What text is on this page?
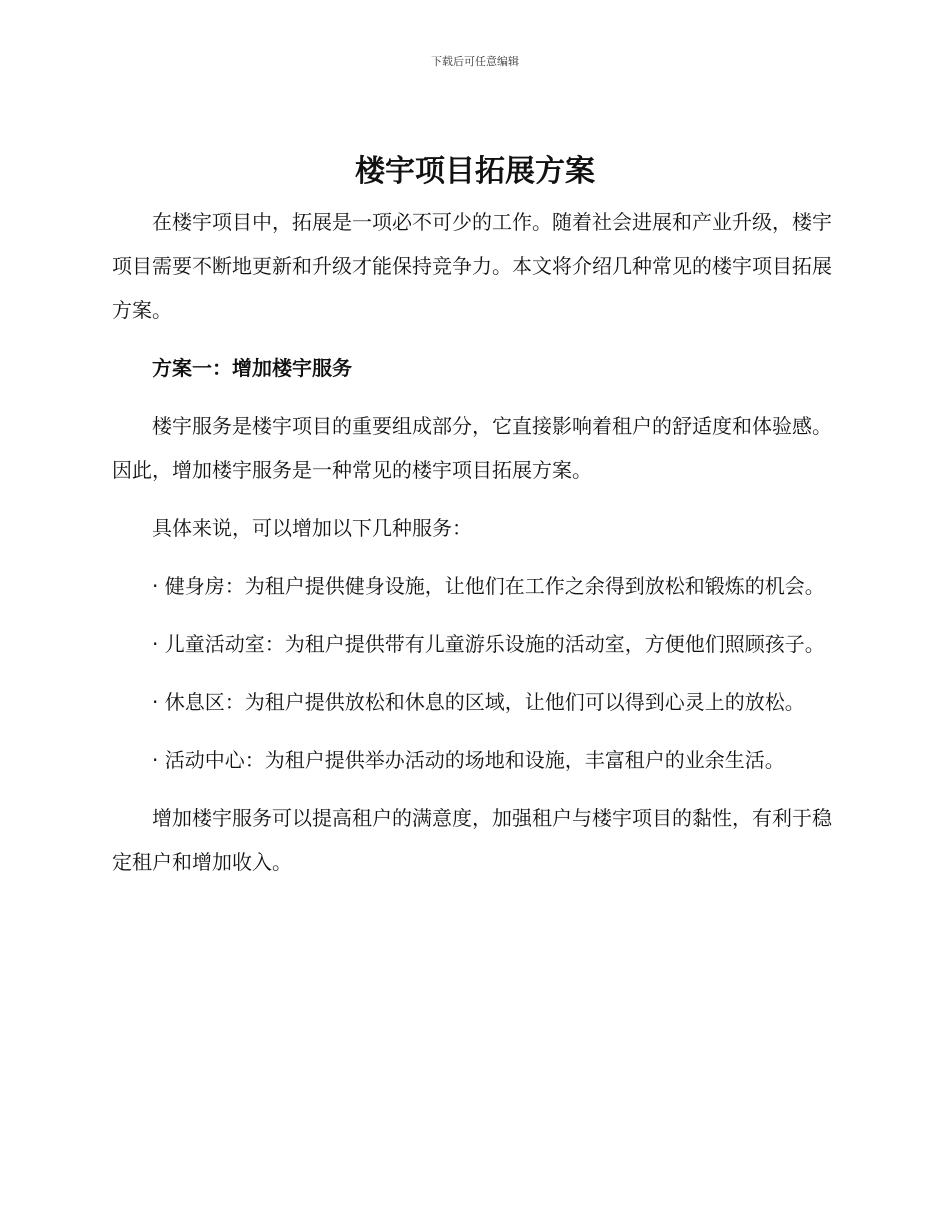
下载后可任意编辑
楼宇项目拓展方案

在楼宇项目中，拓展是一项必不可少的工作。随着社会进展和产业升级，楼宇项目需要不断地更新和升级才能保持竞争力。本文将介绍几种常见的楼宇项目拓展方案。

方案一：增加楼宇服务

楼宇服务是楼宇项目的重要组成部分，它直接影响着租户的舒适度和体验感。因此，增加楼宇服务是一种常见的楼宇项目拓展方案。

具体来说，可以增加以下几种服务：

· 健身房：为租户提供健身设施，让他们在工作之余得到放松和锻炼的机会。

· 儿童活动室：为租户提供带有儿童游乐设施的活动室，方便他们照顾孩子。

· 休息区：为租户提供放松和休息的区域，让他们可以得到心灵上的放松。

· 活动中心：为租户提供举办活动的场地和设施，丰富租户的业余生活。

增加楼宇服务可以提高租户的满意度，加强租户与楼宇项目的黏性，有利于稳定租户和增加收入。
